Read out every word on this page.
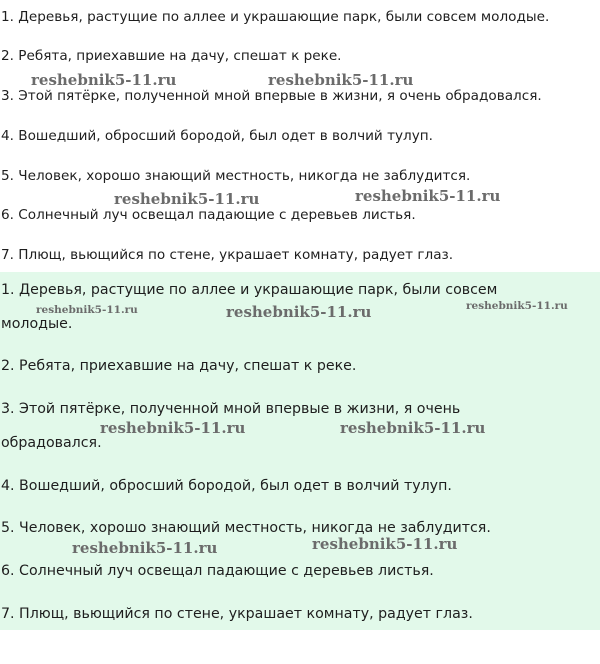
1. Деревья, растущие по аллее и украшающие парк, были совсем молодые.

2. Ребята, приехавшие на дачу, спешат к реке.

3. Этой пятёрке, полученной мной впервые в жизни, я очень обрадовался.

4. Вошедший, обросший бородой, был одет в волчий тулуп.

5. Человек, хорошо знающий местность, никогда не заблудится.

6. Солнечный луч освещал падающие с деревьев листья.

7. Плющ, вьющийся по стене, украшает комнату, радует глаз.

1. Деревья, растущие по аллее и украшающие парк, были совсем

молодые.

2. Ребята, приехавшие на дачу, спешат к реке.

3. Этой пятёрке, полученной мной впервые в жизни, я очень

обрадовался.

4. Вошедший, обросший бородой, был одет в волчий тулуп.

5. Человек, хорошо знающий местность, никогда не заблудится.

6. Солнечный луч освещал падающие с деревьев листья.

7. Плющ, вьющийся по стене, украшает комнату, радует глаз.

reshebnik5-11.ru	reshebnik5-11.ru
reshebnik5-11.ru	reshebnik5-11.ru
reshebnik5-11.ru	reshebnik5-11.ru	reshebnik5-11.ru
reshebnik5-11.ru	reshebnik5-11.ru
reshebnik5-11.ru	reshebnik5-11.ru
